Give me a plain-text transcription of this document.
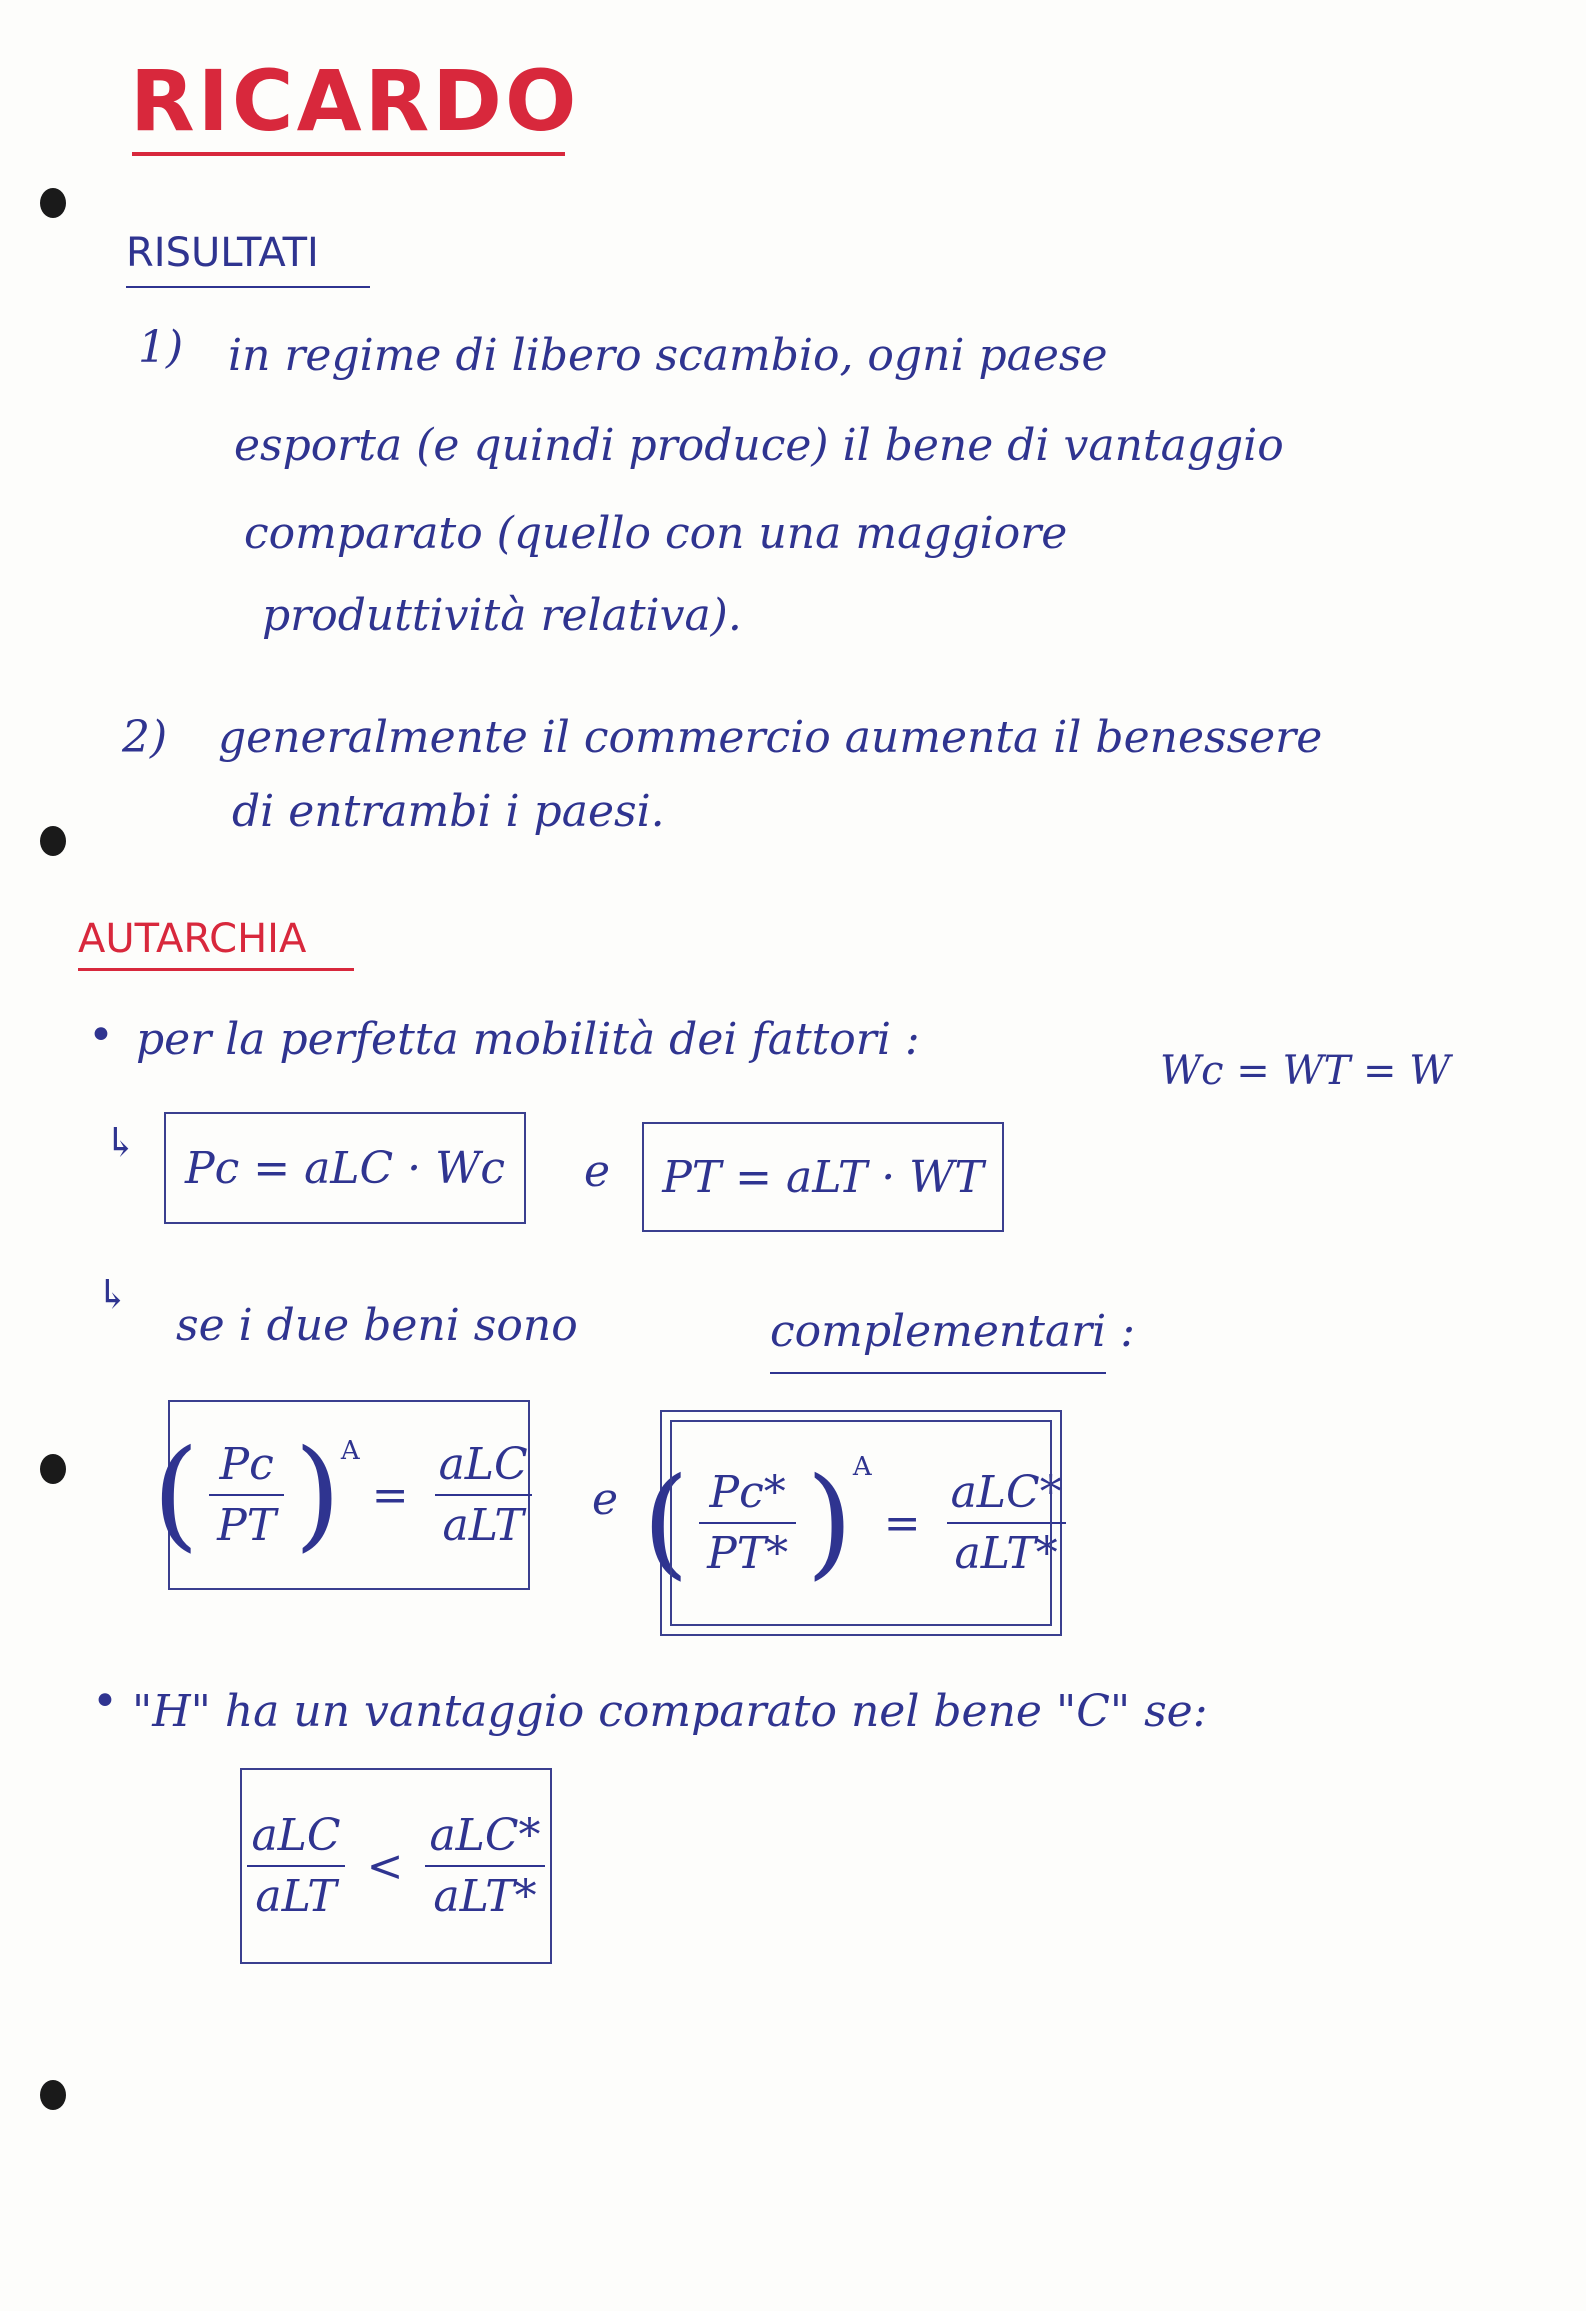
RICARDO
RISULTATI
1) in regime di libero scambio, ogni paese
esporta (e quindi produce) il bene di vantaggio
comparato (quello con una maggiore
produttività relativa).
2) generalmente il commercio aumenta il benessere
di entrambi i paesi.
AUTARCHIA
• per la perfetta mobilità dei fattori :
Wc = WT = W
↳	Pc = aLC · Wc	e	PT = aLT · WT
↳
se i due beni sono	complementari :
( $\frac{Pc}{PT} )^A$
= $\frac{\text{aLC}}{\text{aLT}}$ e ( $\frac{Pc*}{PT*} )^A$
= $\frac{\text{aLC*}}{\text{aLT*}}$
• "H" ha un vantaggio comparato nel bene "C" se:
$\frac{\text{aLC}}{\text{aLT}} < \frac{\text{aLC*}}{\text{aLT*}}$
